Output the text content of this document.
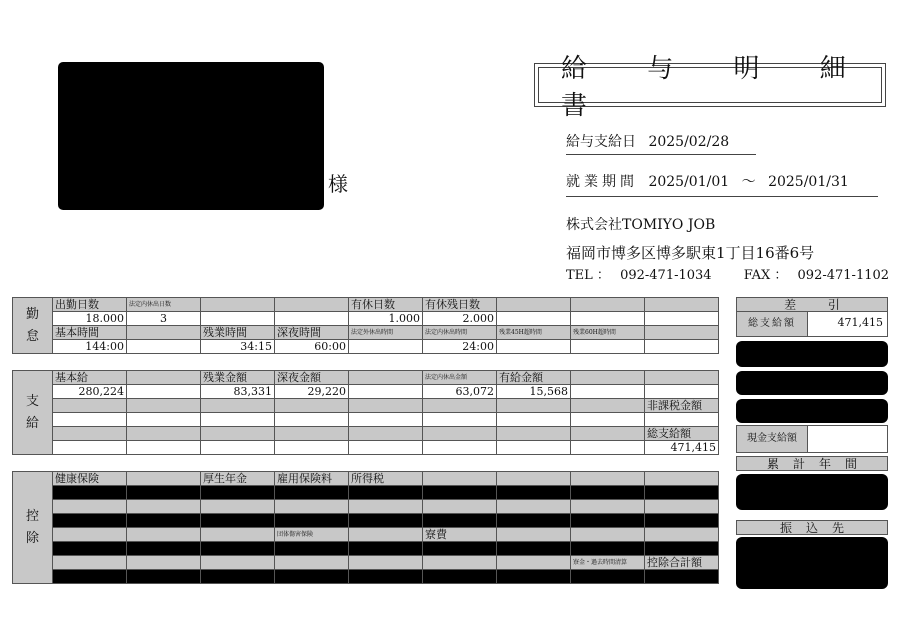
様
給 与 明 細 書
給与支給日 2025/02/28
就業期間 2025/01/01 〜 2025/01/31
株式会社TOMIYO JOB
福岡市博多区博多駅東1丁目16番6号
TEL ： 092-471-1034 FAX ： 092-471-1102
勤 怠	出勤日数	法定内休出日数			有休日数	有休残日数			
	18.000	3			1.000	2.000			
	基本時間		残業時間	深夜時間	法定外休出時間	法定内休出時間	残業45H超時間	残業60H超時間	
	144:00		34:15	60:00		24:00			
支 給	基本給		残業金額	深夜金額		法定内休出金額	有給金額		
	280,224		83,331	29,220		63,072	15,568		
									非課税金額

									総支給額
									471,415
控 除	健康保険		厚生年金	雇用保険料	所得税				

				団体傷害保険		寮費			

								寮金・過去時間清算	控除合計額

差 引
総支給額	471,415
現金支給額
累計年間
振込先
